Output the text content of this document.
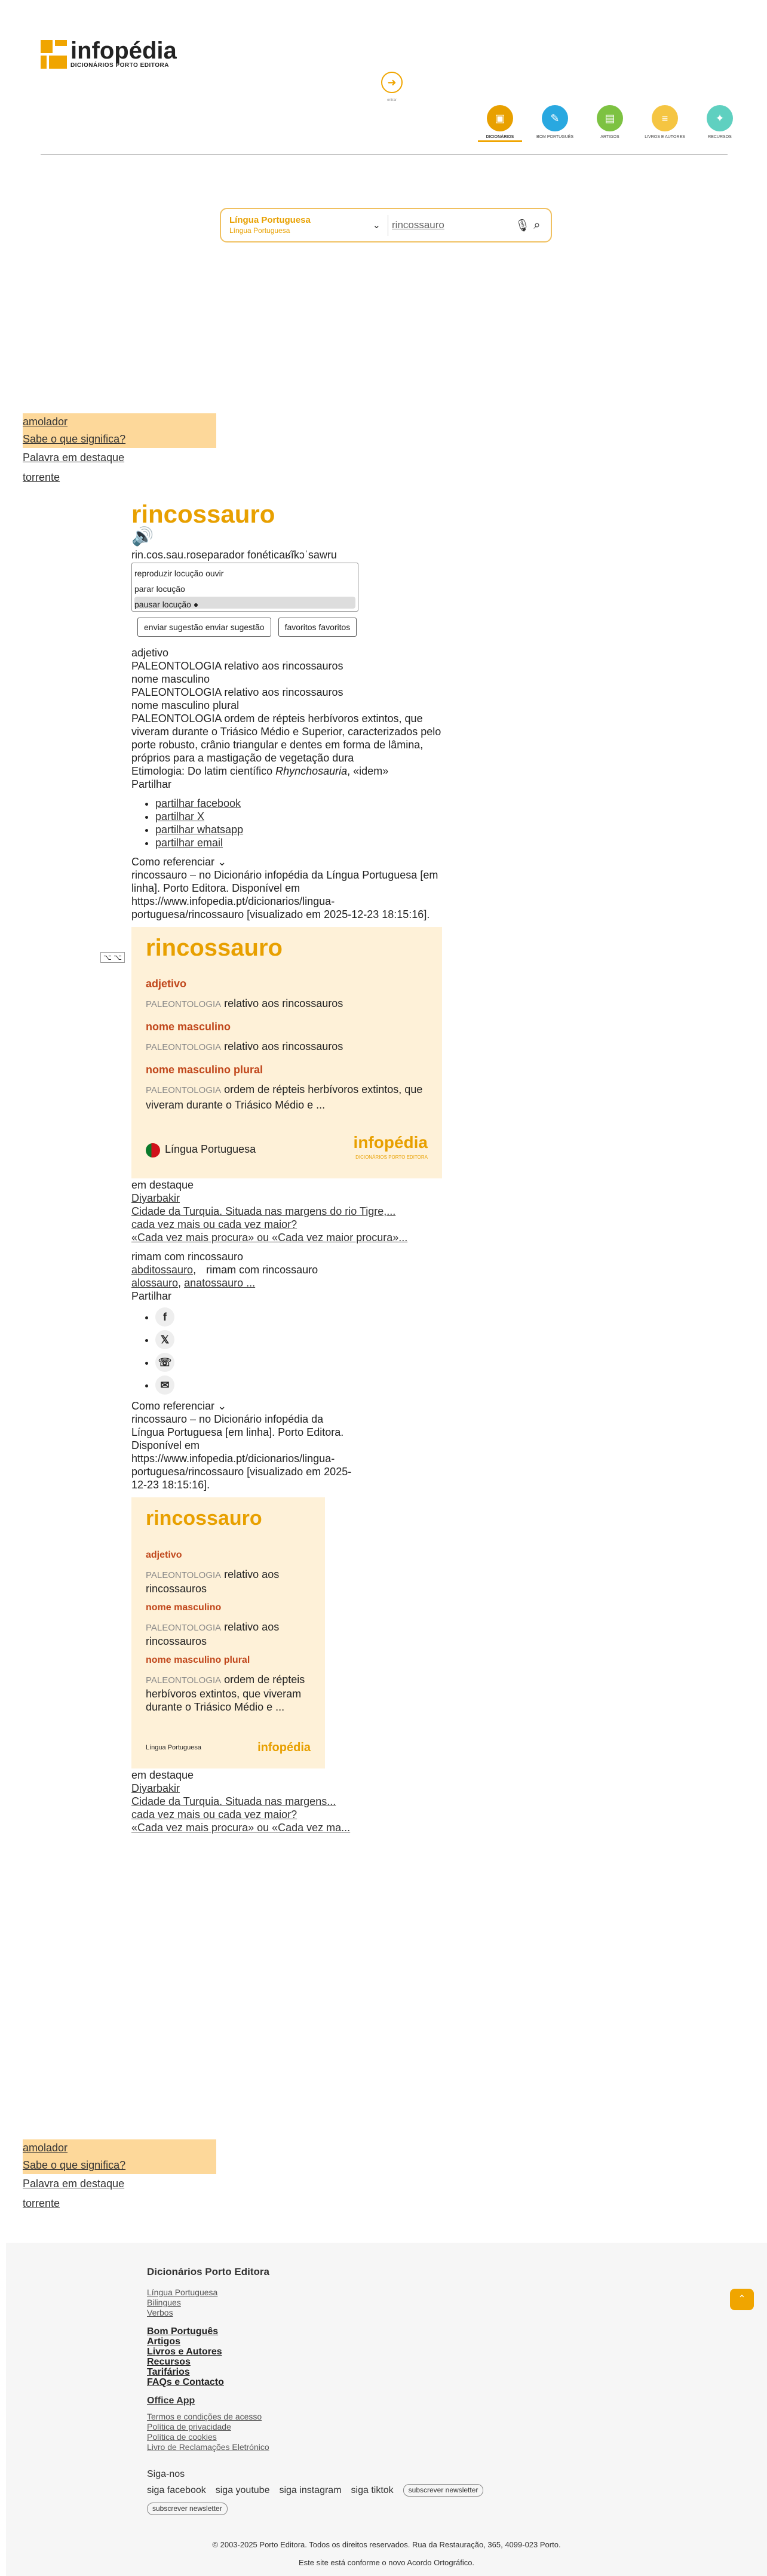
infopédia
DICIONÁRIOS PORTO EDITORA
➜
entrar
▣
DICIONÁRIOS
✎
BOM PORTUGUÊS
▤
ARTIGOS
≡
LIVROS E AUTORES
✦
RECURSOS
Língua Portuguesa
Língua Portuguesa	⌄
rincossauro	🎙 ⌕
amolador
Sabe o que significa?
Palavra em destaque
torrente
⌥ ⌥
rincossauro
🔊
rin.cos.sau.roseparador fonéticaʁĩkɔˈsawru
reproduzir locução ouvir
parar locução
pausar locução ●
enviar sugestão enviar sugestão	favoritos favoritos
adjetivo
PALEONTOLOGIA relativo aos rincossauros
nome masculino
PALEONTOLOGIA relativo aos rincossauros
nome masculino plural
PALEONTOLOGIA ordem de répteis herbívoros extintos, que viveram durante o Triásico Médio e Superior, caracterizados pelo porte robusto, crânio triangular e dentes em forma de lâmina, próprios para a mastigação de vegetação dura
Etimologia: Do latim científico Rhynchosauria, «idem»
Partilhar
• partilhar facebook
• partilhar X
• partilhar whatsapp
• partilhar email
Como referenciar ⌄
rincossauro – no Dicionário infopédia da Língua Portuguesa [em linha]. Porto Editora. Disponível em https://www.infopedia.pt/dicionarios/lingua-portuguesa/rincossauro [visualizado em 2025-12-23 18:15:16].
rincossauro
adjetivo
PALEONTOLOGIA relativo aos rincossauros
nome masculino
PALEONTOLOGIA relativo aos rincossauros
nome masculino plural
PALEONTOLOGIA ordem de répteis herbívoros extintos, que viveram durante o Triásico Médio e ...
Língua Portuguesa	infopédia
DICIONÁRIOS PORTO EDITORA
em destaque
Diyarbakir
Cidade da Turquia. Situada nas margens do rio Tigre,...
cada vez mais ou cada vez maior?
«Cada vez mais procura» ou «Cada vez maior procura»...
rimam com rincossauro
abditossauro, rimam com rincossauro
alossauro, anatossauro ...
Partilhar
• f
• 𝕏
• ☏
• ✉
Como referenciar ⌄
rincossauro – no Dicionário infopédia da Língua Portuguesa [em linha]. Porto Editora. Disponível em https://www.infopedia.pt/dicionarios/lingua-portuguesa/rincossauro [visualizado em 2025-12-23 18:15:16].
rincossauro
adjetivo
PALEONTOLOGIA relativo aos rincossauros
nome masculino
PALEONTOLOGIA relativo aos rincossauros
nome masculino plural
PALEONTOLOGIA ordem de répteis herbívoros extintos, que viveram durante o Triásico Médio e ...
Língua Portuguesa	infopédia
em destaque
Diyarbakir
Cidade da Turquia. Situada nas margens...
cada vez mais ou cada vez maior?
«Cada vez mais procura» ou «Cada vez ma...
amolador
Sabe o que significa?
Palavra em destaque
torrente
Dicionários Porto Editora
Língua Portuguesa
Bilingues
Verbos
Bom Português
Artigos
Livros e Autores
Recursos
Tarifários
FAQs e Contacto
Office App
Termos e condições de acesso
Política de privacidade
Política de cookies
Livro de Reclamações Eletrónico
Siga-nos
siga facebook siga youtube siga instagram siga tiktok	subscrever newsletter
subscrever newsletter
© 2003-2025 Porto Editora. Todos os direitos reservados. Rua da Restauração, 365, 4099-023 Porto.
Este site está conforme o novo Acordo Ortográfico.
⌃
